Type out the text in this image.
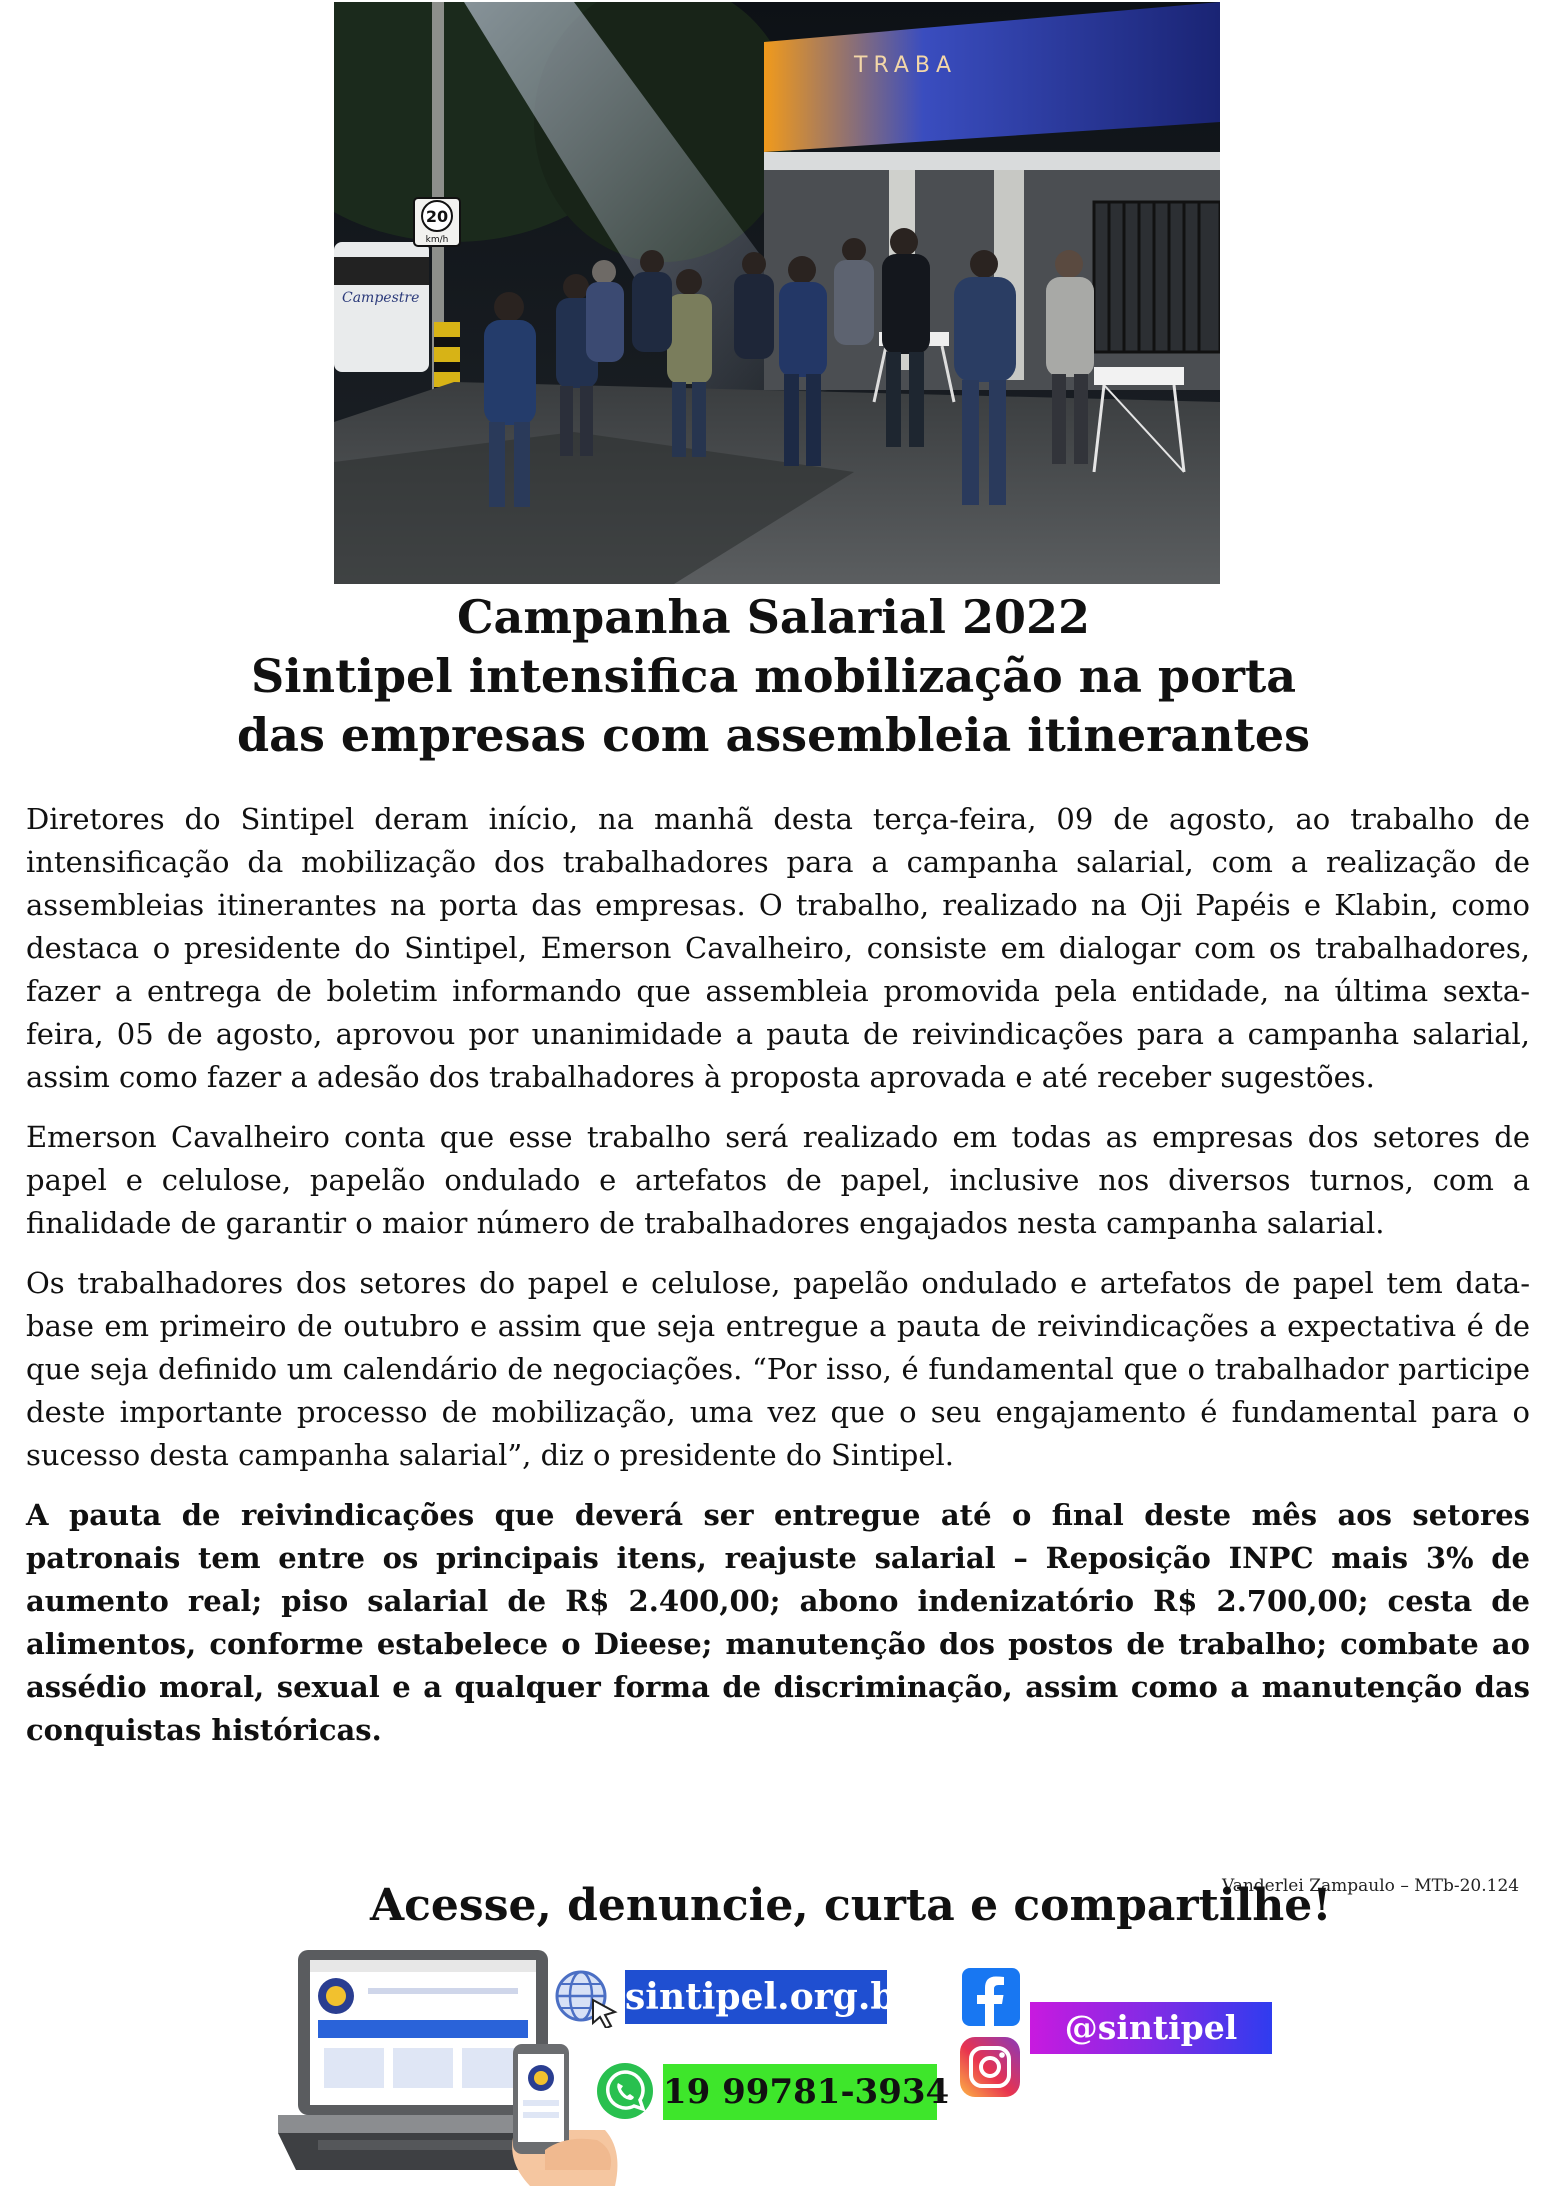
TRABA
Campestre
20
km/h
Campanha Salarial 2022
Sintipel intensifica mobilização na porta
das empresas com assembleia itinerantes

Diretores do Sintipel deram início, na manhã desta terça-feira, 09 de agosto, ao trabalho de intensificação da mobilização dos trabalhadores para a campanha salarial, com a realização de assembleias itinerantes na porta das empresas. O trabalho, realizado na Oji Papéis e Klabin, como destaca o presidente do Sintipel, Emerson Cavalheiro, consiste em dialogar com os trabalhadores, fazer a entrega de boletim informando que assembleia promovida pela entidade, na última sexta-feira, 05 de agosto, aprovou por unanimidade a pauta de reivindicações para a campanha salarial, assim como fazer a adesão dos trabalhadores à proposta aprovada e até receber sugestões.

Emerson Cavalheiro conta que esse trabalho será realizado em todas as empresas dos setores de papel e celulose, papelão ondulado e artefatos de papel, inclusive nos diversos turnos, com a finalidade de garantir o maior número de trabalhadores engajados nesta campanha salarial.

Os trabalhadores dos setores do papel e celulose, papelão ondulado e artefatos de papel tem data-base em primeiro de outubro e assim que seja entregue a pauta de reivindicações a expectativa é de que seja definido um calendário de negociações. “Por isso, é fundamental que o trabalhador participe deste importante processo de mobilização, uma vez que o seu engajamento é fundamental para o sucesso desta campanha salarial”, diz o presidente do Sintipel.

A pauta de reivindicações que deverá ser entregue até o final deste mês aos setores patronais tem entre os principais itens, reajuste salarial – Reposição INPC mais 3% de aumento real; piso salarial de R$ 2.400,00; abono indenizatório R$ 2.700,00; cesta de alimentos, conforme estabelece o Dieese; manutenção dos postos de trabalho; combate ao assédio moral, sexual e a qualquer forma de discriminação, assim como a manutenção das conquistas históricas.

Vanderlei Zampaulo – MTb-20.124
Acesse, denuncie, curta e compartilhe!
sintipel.org.br
19 99781-3934
@sintipel
